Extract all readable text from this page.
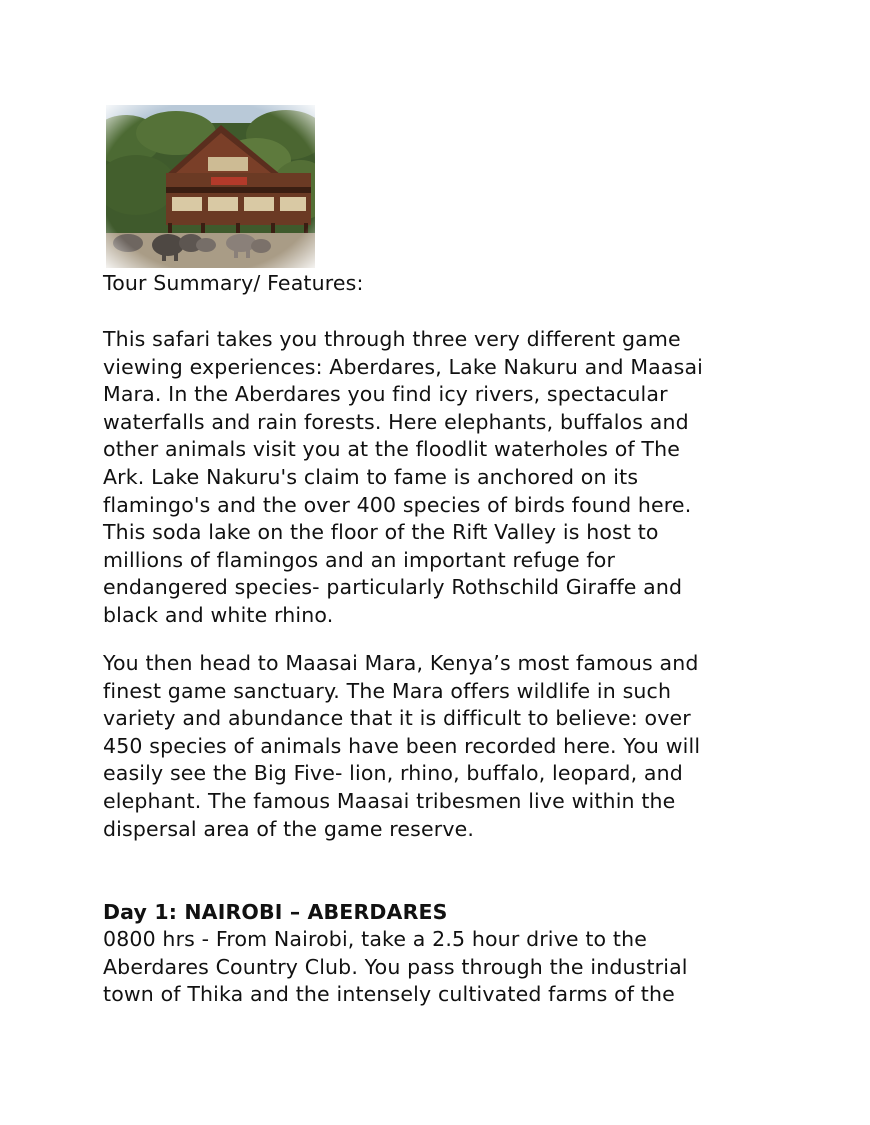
Tour Summary/ Features:

This safari takes you through three very different game
viewing experiences: Aberdares, Lake Nakuru and Maasai
Mara. In the Aberdares you find icy rivers, spectacular
waterfalls and rain forests. Here elephants, buffalos and
other animals visit you at the floodlit waterholes of The
Ark. Lake Nakuru's claim to fame is anchored on its
flamingo's and the over 400 species of birds found here.
This soda lake on the floor of the Rift Valley is host to
millions of flamingos and an important refuge for
endangered species- particularly Rothschild Giraffe and
black and white rhino.

You then head to Maasai Mara, Kenya’s most famous and
finest game sanctuary. The Mara offers wildlife in such
variety and abundance that it is difficult to believe: over
450 species of animals have been recorded here. You will
easily see the Big Five- lion, rhino, buffalo, leopard, and
elephant. The famous Maasai tribesmen live within the
dispersal area of the game reserve.

Day 1: NAIROBI – ABERDARES

0800 hrs - From Nairobi, take a 2.5 hour drive to the
Aberdares Country Club. You pass through the industrial
town of Thika and the intensely cultivated farms of the
